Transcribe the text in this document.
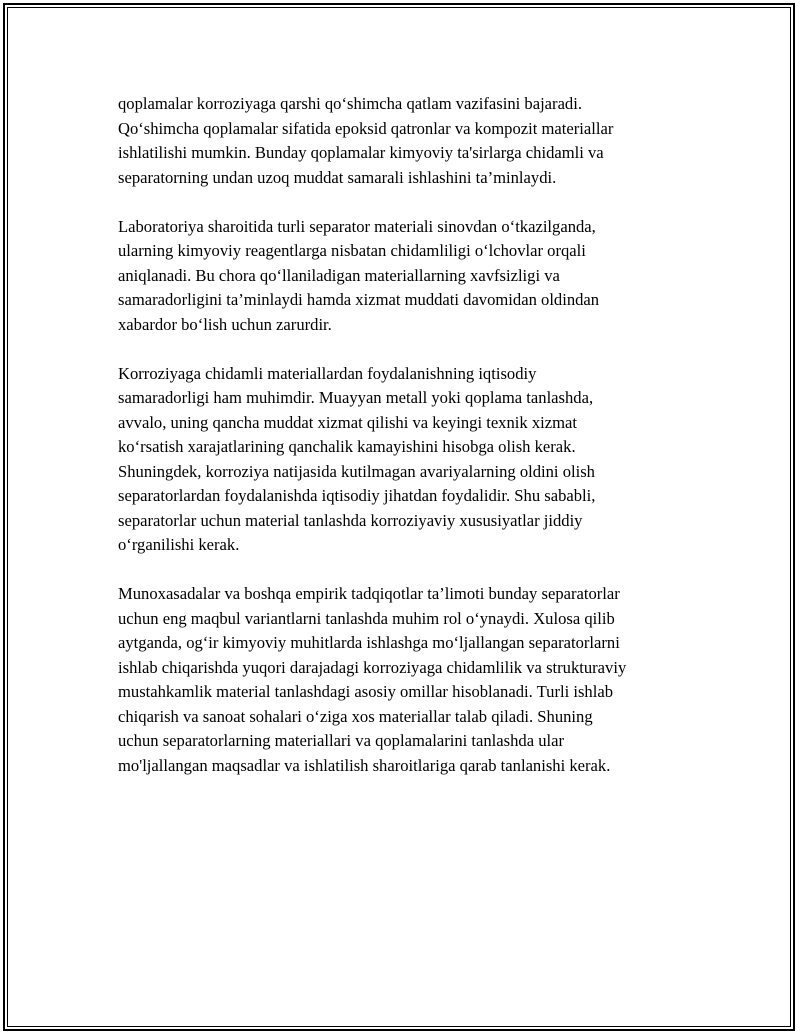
qoplamalar korroziyaga qarshi qo‘shimcha qatlam vazifasini bajaradi.
Qo‘shimcha qoplamalar sifatida epoksid qatronlar va kompozit materiallar
ishlatilishi mumkin. Bunday qoplamalar kimyoviy ta'sirlarga chidamli va
separatorning undan uzoq muddat samarali ishlashini ta’minlaydi.

Laboratoriya sharoitida turli separator materiali sinovdan o‘tkazilganda,
ularning kimyoviy reagentlarga nisbatan chidamliligi o‘lchovlar orqali
aniqlanadi. Bu chora qo‘llaniladigan materiallarning xavfsizligi va
samaradorligini ta’minlaydi hamda xizmat muddati davomidan oldindan
xabardor bo‘lish uchun zarurdir.

Korroziyaga chidamli materiallardan foydalanishning iqtisodiy
samaradorligi ham muhimdir. Muayyan metall yoki qoplama tanlashda,
avvalo, uning qancha muddat xizmat qilishi va keyingi texnik xizmat
ko‘rsatish xarajatlarining qanchalik kamayishini hisobga olish kerak.
Shuningdek, korroziya natijasida kutilmagan avariyalarning oldini olish
separatorlardan foydalanishda iqtisodiy jihatdan foydalidir. Shu sababli,
separatorlar uchun material tanlashda korroziyaviy xususiyatlar jiddiy
o‘rganilishi kerak.

Munoxasadalar va boshqa empirik tadqiqotlar ta’limoti bunday separatorlar
uchun eng maqbul variantlarni tanlashda muhim rol o‘ynaydi. Xulosa qilib
aytganda, og‘ir kimyoviy muhitlarda ishlashga mo‘ljallangan separatorlarni
ishlab chiqarishda yuqori darajadagi korroziyaga chidamlilik va strukturaviy
mustahkamlik material tanlashdagi asosiy omillar hisoblanadi. Turli ishlab
chiqarish va sanoat sohalari o‘ziga xos materiallar talab qiladi. Shuning
uchun separatorlarning materiallari va qoplamalarini tanlashda ular
mo'ljallangan maqsadlar va ishlatilish sharoitlariga qarab tanlanishi kerak.
